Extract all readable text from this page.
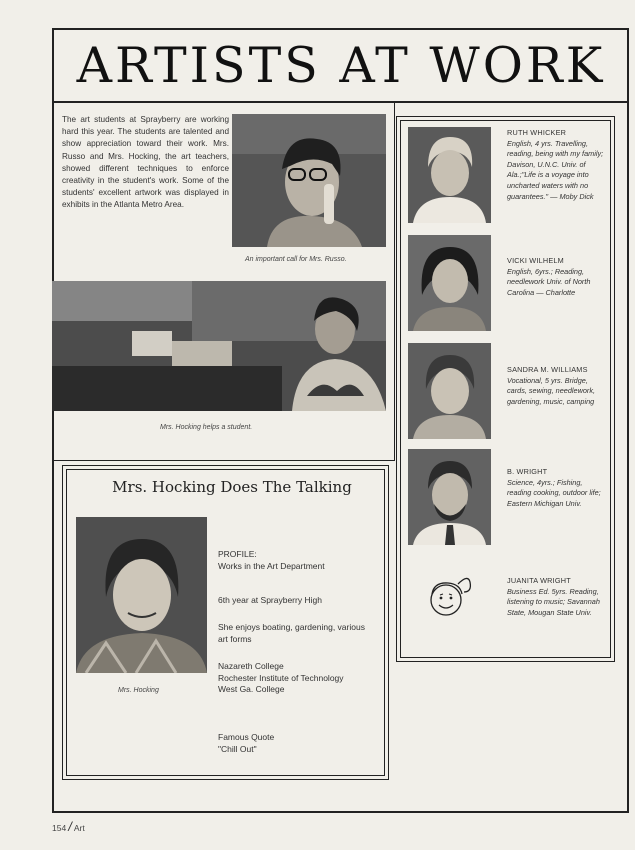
ARTISTS AT WORK
The art students at Sprayberry are working hard this year. The students are talented and show appreciation toward their work. Mrs. Russo and Mrs. Hocking, the art teachers, showed different techniques to enforce creativity in the student's work. Some of the students' excellent artwork was displayed in exhibits in the Atlanta Metro Area.
An important call for Mrs. Russo.
Mrs. Hocking helps a student.
RUTH WHICKER
English, 4 yrs. Travelling, reading, being with my family; Davison, U.N.C. Univ. of Ala.;"Life is a voyage into uncharted waters with no guarantees." — Moby Dick
VICKI WILHELM
English, 6yrs.; Reading, needlework Univ. of North Carolina — Charlotte
SANDRA M. WILLIAMS
Vocational, 5 yrs. Bridge, cards, sewing, needlework, gardening, music, camping
B. WRIGHT
Science, 4yrs.; Fishing, reading cooking, outdoor life; Eastern Michigan Univ.
JUANITA WRIGHT
Business Ed. 5yrs. Reading, listening to music; Savannah State, Mougan State Univ.
Mrs. Hocking Does The Talking
Mrs. Hocking
PROFILE:
Works in the Art Department
6th year at Sprayberry High
She enjoys boating, gardening, various art forms
Nazareth College
Rochester Institute of Technology
West Ga. College
Famous Quote
"Chill Out"
154 / Art
